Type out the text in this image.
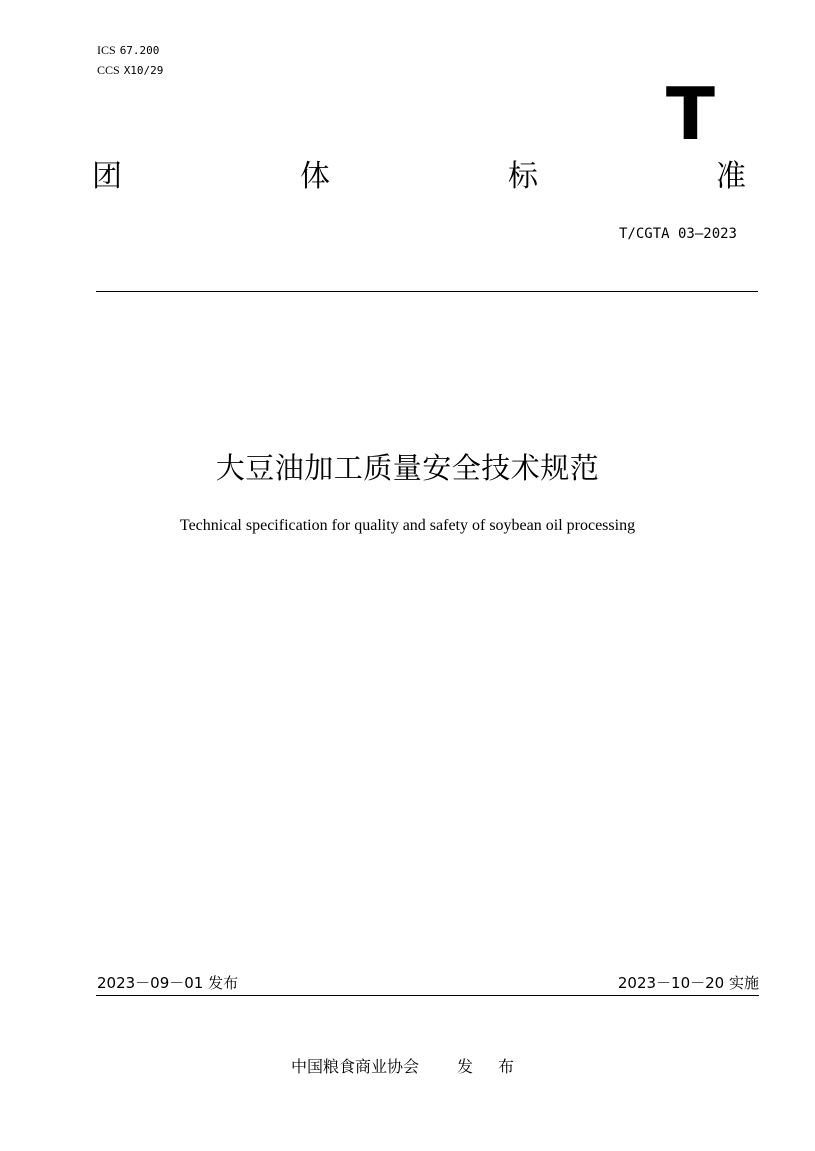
ICS 67.200
CCS X10/29
T
团	体	标	准
T/CGTA 03—2023
大豆油加工质量安全技术规范
Technical specification for quality and safety of soybean oil processing
2023－09－01 发布	2023－10－20 实施
中国粮食商业协会 发 布
